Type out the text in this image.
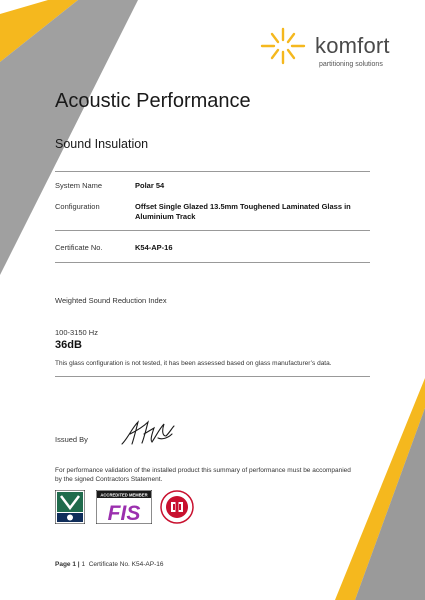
komfort
partitioning solutions
Acoustic Performance
Sound Insulation
System Name	Polar 54
Configuration	Offset Single Glazed 13.5mm Toughened Laminated Glass in Aluminium Track
Certificate No.	K54-AP-16
Weighted Sound Reduction Index
100-3150 Hz
36dB
This glass configuration is not tested, it has been assessed based on glass manufacturer’s data.
Issued By
For performance validation of the installed product this summary of performance must be accompanied by the signed Contractors Statement.
ACCREDITED MEMBER
FIS
Page 1 | 1 Certificate No. K54-AP-16
